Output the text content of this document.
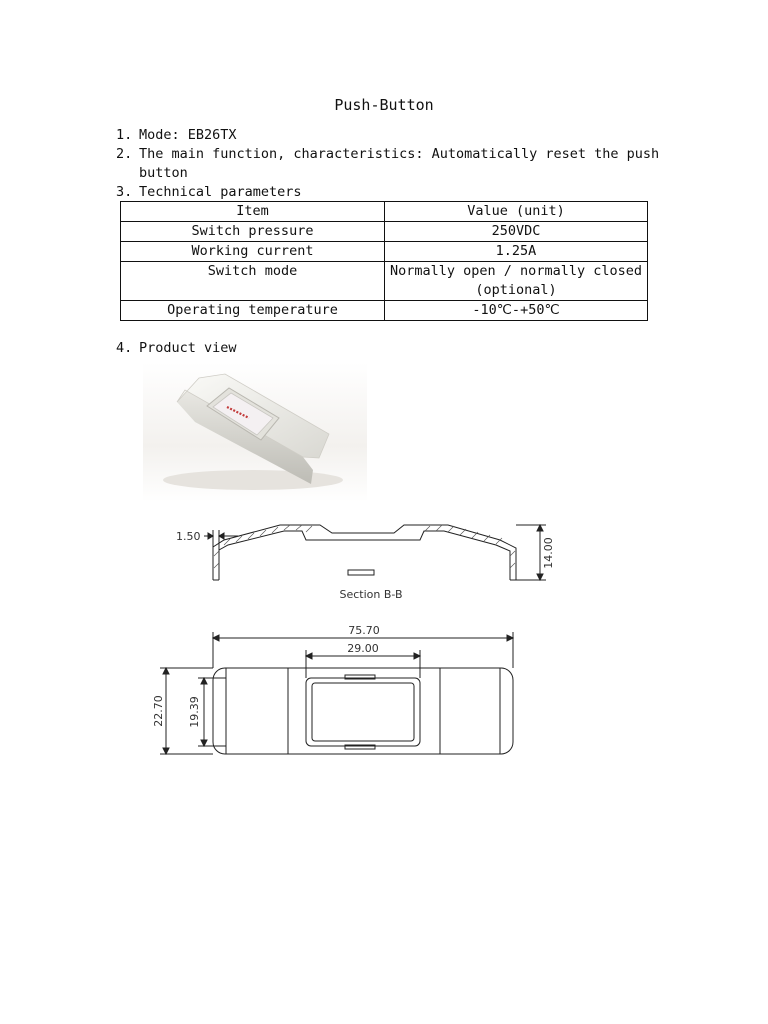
Push-Button
1. Mode: EB26TX
2. The main function, characteristics: Automatically reset the push
button
3. Technical parameters
Item	Value (unit)
Switch pressure	250VDC
Working current	1.25A
Switch mode	Normally open / normally closed
(optional)

Operating temperature	-10℃-+50℃
4. Product view
1.50
14.00
Section B-B
75.70
29.00
22.70 19.39
